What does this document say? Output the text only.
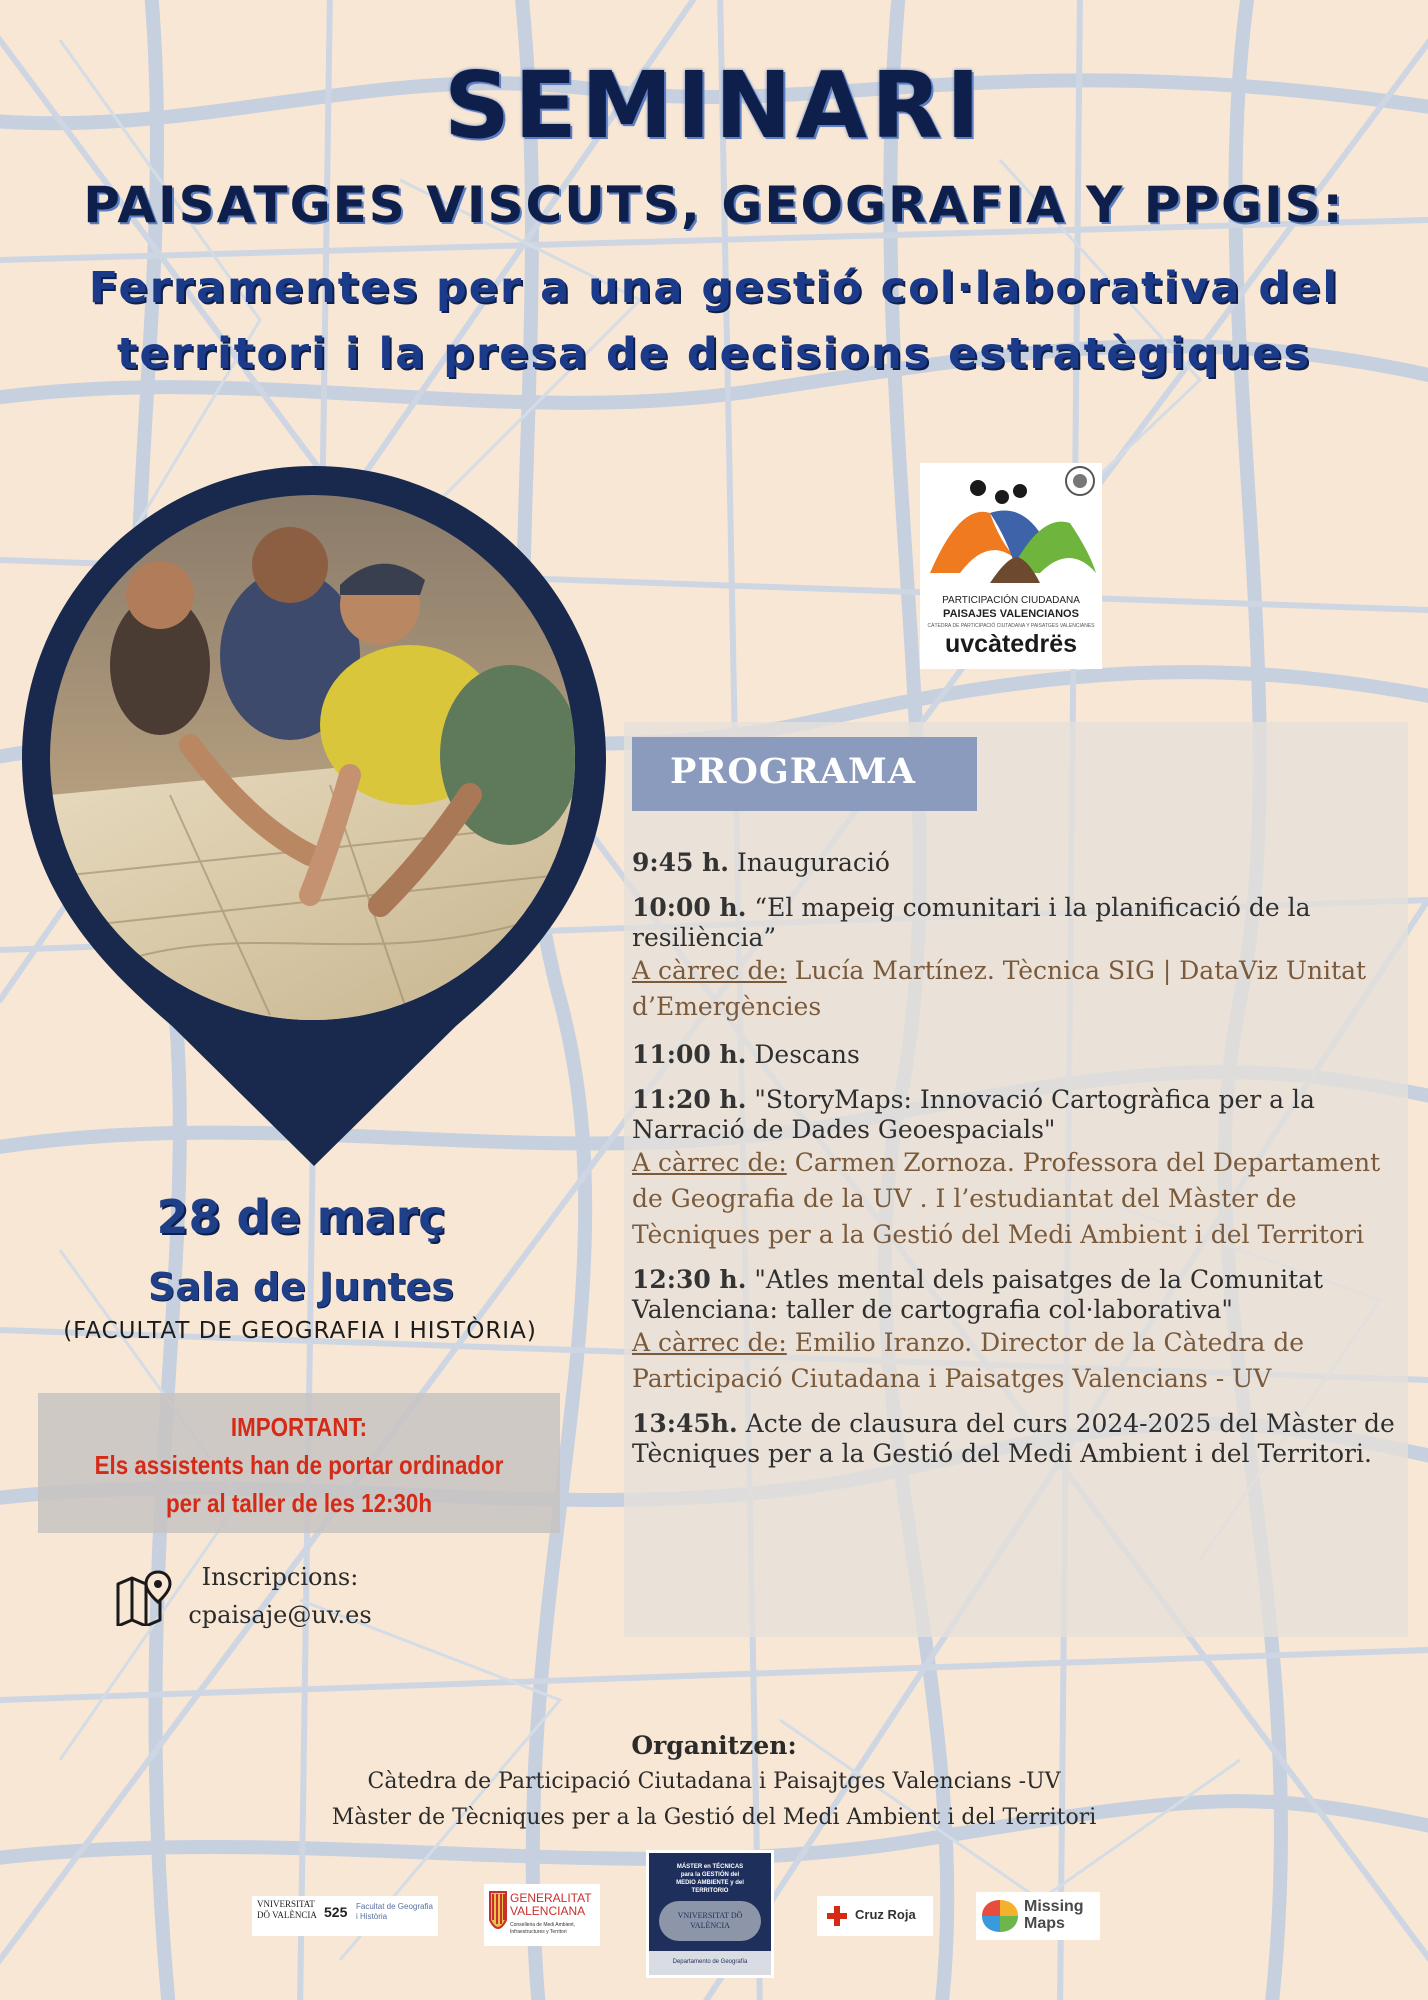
SEMINARI
PAISATGES VISCUTS, GEOGRAFIA Y PPGIS:
Ferramentes per a una gestió col·laborativa del
territori i la presa de decisions estratègiques
PARTICIPACIÓN CIUDADANA
PAISAJES VALENCIANOS
CÀTEDRA DE PARTICIPACIÓ CIUTADANA Y PAISATGES VALENCIANES
uvcàtedrës
PROGRAMA
9:45 h. Inauguració
10:00 h. “El mapeig comunitari i la planificació de la resiliència”
A càrrec de: Lucía Martínez. Tècnica SIG | DataViz Unitat d’Emergències
11:00 h. Descans
11:20 h. "StoryMaps: Innovació Cartogràfica per a la Narració de Dades Geoespacials"
A càrrec de: Carmen Zornoza. Professora del Departament de Geografia de la UV . I l’estudiantat del Màster de Tècniques per a la Gestió del Medi Ambient i del Territori
12:30 h. "Atles mental dels paisatges de la Comunitat Valenciana: taller de cartografia col·laborativa"
A càrrec de: Emilio Iranzo. Director de la Càtedra de Participació Ciutadana i Paisatges Valencians - UV
13:45h. Acte de clausura del curs 2024-2025 del Màster de Tècniques per a la Gestió del Medi Ambient i del Territori.
28 de març
Sala de Juntes
(FACULTAT DE GEOGRAFIA I HISTÒRIA)
IMPORTANT:
Els assistents han de portar ordinador
per al taller de les 12:30h
Inscripcions:
cpaisaje@uv.es
Organitzen:
Càtedra de Participació Ciutadana i Paisajtges Valencians -UV
Màster de Tècniques per a la Gestió del Medi Ambient i del Territori
VNIVERSITAT
DÖ VALÈNCIA 525 Facultat de Geografia i Història
GENERALITAT
VALENCIANA
Conselleria de Medi Ambient, Infraestructures y Territori
MÁSTER en TÉCNICAS
para la GESTIÓN del
MEDIO AMBIENTE y del
TERRITORIO
VNIVERSITAT DÖ VALÈNCIA
Departamento de Geografía
Cruz Roja	Missing
Maps
